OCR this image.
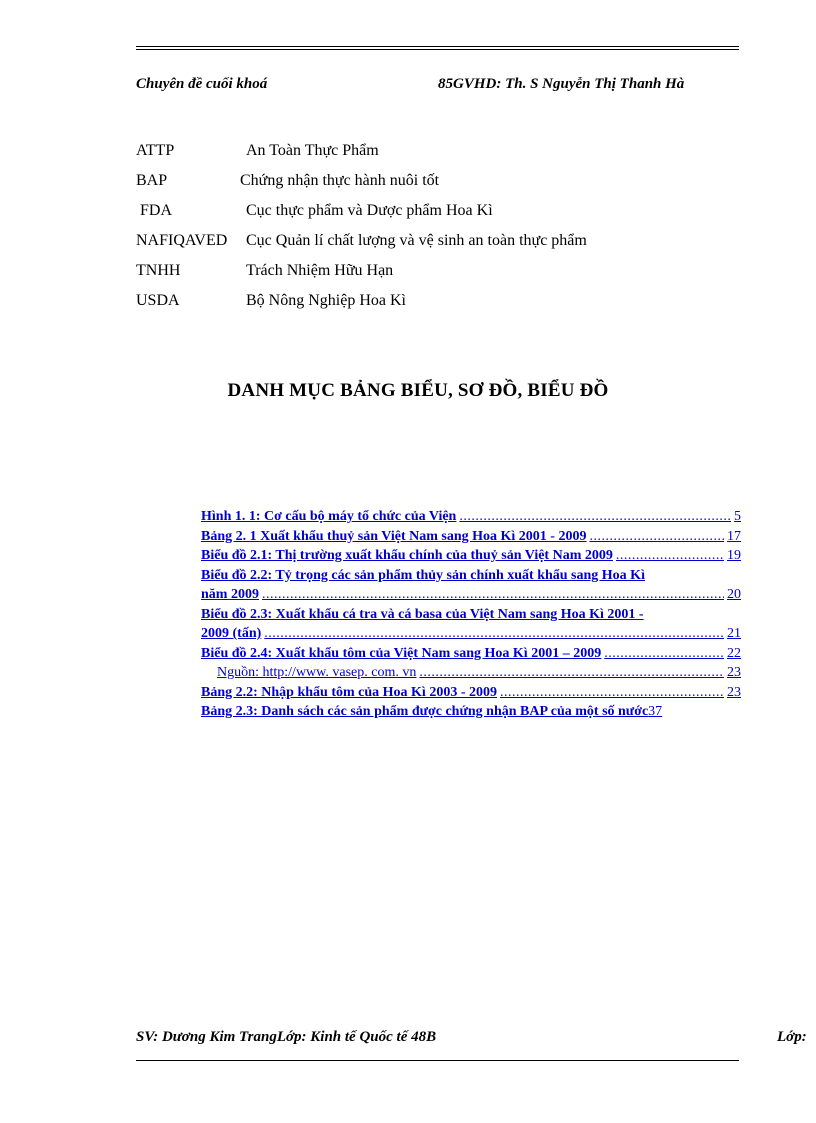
Chuyên đề cuối khoá	85GVHD: Th. S Nguyễn Thị Thanh Hà
ATTP	An Toàn Thực Phẩm
BAP	Chứng nhận thực hành nuôi tốt
FDA	Cục thực phẩm và Dược phẩm Hoa Kì
NAFIQAVED	Cục Quản lí chất lượng và vệ sinh an toàn thực phẩm
TNHH	Trách Nhiệm Hữu Hạn
USDA	Bộ Nông Nghiệp Hoa Kì
DANH MỤC BẢNG BIỂU, SƠ ĐỒ, BIỂU ĐỒ
Hình 1. 1: Cơ cấu bộ máy tổ chức của Viện .....	5
Bảng 2. 1 Xuất khẩu thuỷ sản Việt Nam sang Hoa Kì 2001 - 2009 .....	17
Biểu đồ 2.1: Thị trường xuất khẩu chính của thuỷ sản Việt Nam 2009 .....	19
Biểu đồ 2.2: Tỷ trọng các sản phẩm thủy sản chính xuất khẩu sang Hoa Kì
năm 2009 .....	20
Biểu đồ 2.3: Xuất khẩu cá tra và cá basa của Việt Nam sang Hoa Kì 2001 -
2009 (tấn) .....	21
Biểu đồ 2.4: Xuất khẩu tôm của Việt Nam sang Hoa Kì 2001 – 2009 .....	22
Nguồn: http://www. vasep. com. vn .....	23
Bảng 2.2: Nhập khẩu tôm của Hoa Kì 2003 - 2009 .....	23
Bảng 2.3: Danh sách các sản phẩm được chứng nhận BAP của một số nước 37
SV: Dương Kim TrangLớp: Kinh tế Quốc tế 48B	Lớp:
